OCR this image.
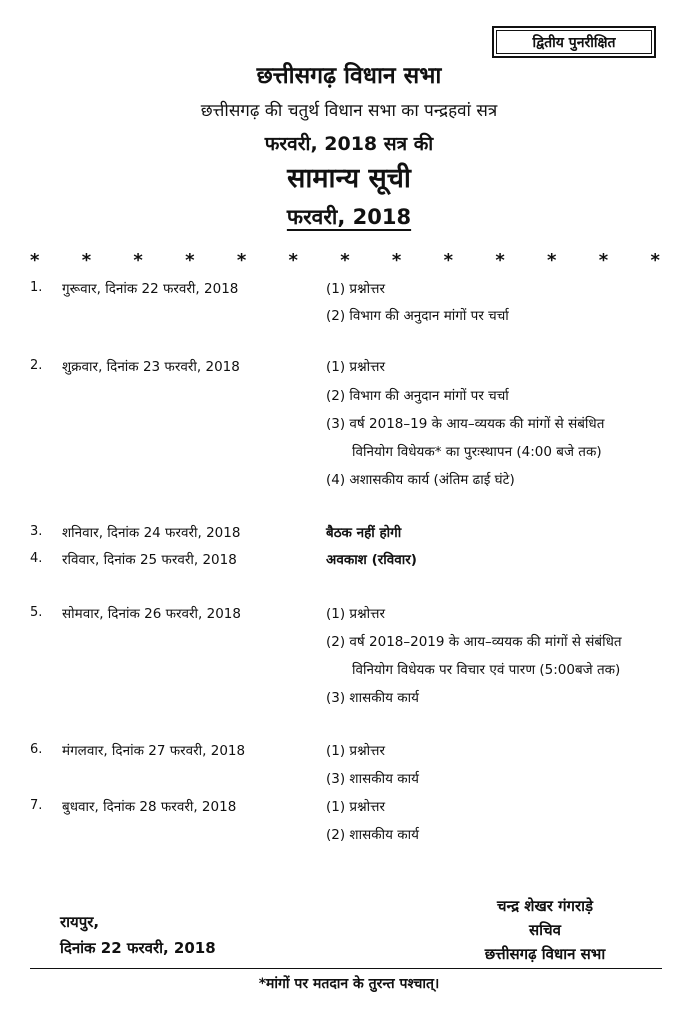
द्वितीय पुनरीक्षित
छत्तीसगढ़ विधान सभा
छत्तीसगढ़ की चतुर्थ विधान सभा का पन्द्रहवां सत्र
फरवरी, 2018 सत्र की
सामान्य सूची
फरवरी, 2018
* * * * * * * * * * * * *
1. गुरूवार, दिनांक 22 फरवरी, 2018	(1) प्रश्नोत्तर
(2) विभाग की अनुदान मांगों पर चर्चा
2. शुक्रवार, दिनांक 23 फरवरी, 2018	(1) प्रश्नोत्तर
(2) विभाग की अनुदान मांगों पर चर्चा
(3) वर्ष 2018–19 के आय–व्ययक की मांगों से संबंधित
विनियोग विधेयक* का पुरःस्थापन (4:00 बजे तक)
(4) अशासकीय कार्य (अंतिम ढाई घंटे)
3. शनिवार, दिनांक 24 फरवरी, 2018	बैठक नहीं होगी
4. रविवार, दिनांक 25 फरवरी, 2018	अवकाश (रविवार)
5. सोमवार, दिनांक 26 फरवरी, 2018	(1) प्रश्नोत्तर
(2) वर्ष 2018–2019 के आय–व्ययक की मांगों से संबंधित
विनियोग विधेयक पर विचार एवं पारण (5:00बजे तक)
(3) शासकीय कार्य
6. मंगलवार, दिनांक 27 फरवरी, 2018	(1) प्रश्नोत्तर
(3) शासकीय कार्य
7. बुधवार, दिनांक 28 फरवरी, 2018	(1) प्रश्नोत्तर
(2) शासकीय कार्य
रायपुर,
दिनांक 22 फरवरी, 2018
चन्द्र शेखर गंगराड़े
सचिव
छत्तीसगढ़ विधान सभा
*मांगों पर मतदान के तुरन्त पश्चात्।
